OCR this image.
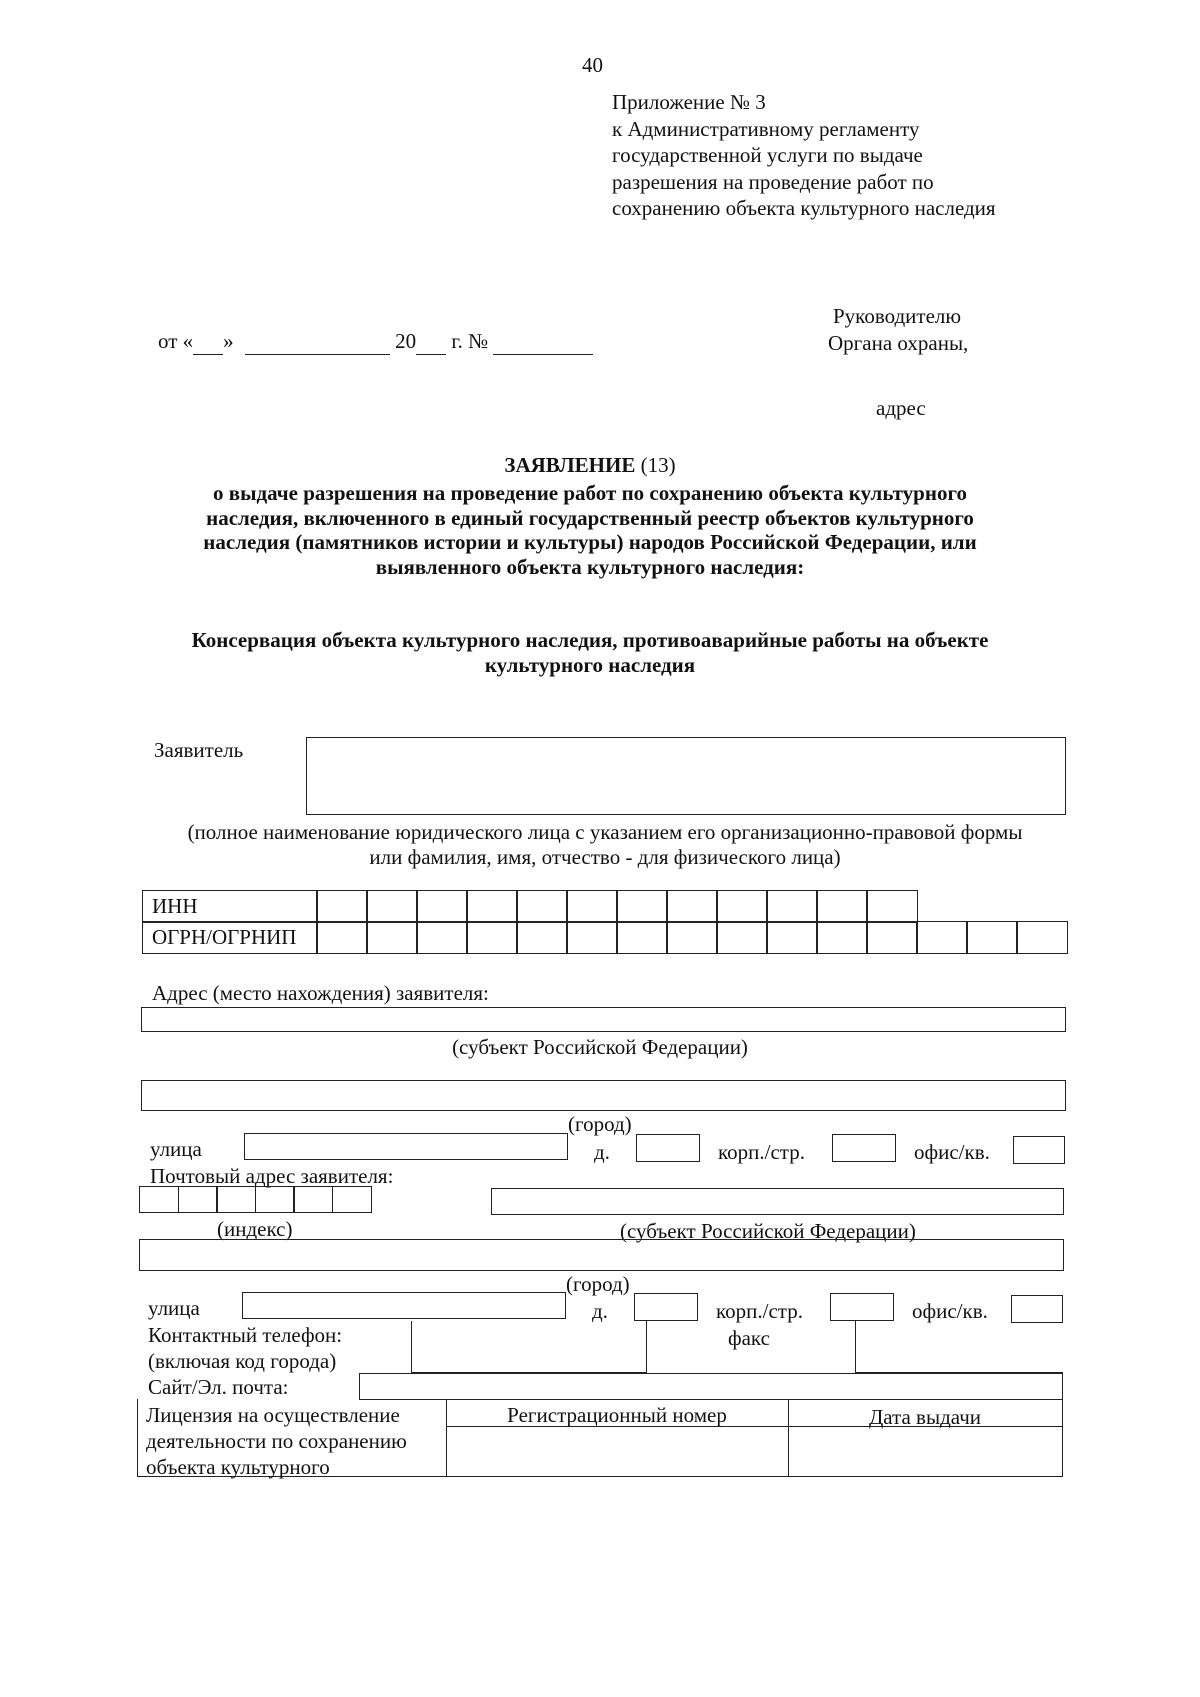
40
Приложение № 3
к Административному регламенту
государственной услуги по выдаче
разрешения на проведение работ по
сохранению объекта культурного наследия
Руководителю
Органа охраны,
адрес
от « »	20 г. №
ЗАЯВЛЕНИЕ (13)
о выдаче разрешения на проведение работ по сохранению объекта культурного
наследия, включенного в единый государственный реестр объектов культурного
наследия (памятников истории и культуры) народов Российской Федерации, или
выявленного объекта культурного наследия:
Консервация объекта культурного наследия, противоаварийные работы на объекте
культурного наследия
Заявитель
(полное наименование юридического лица с указанием его организационно-правовой формы
или фамилия, имя, отчество - для физического лица)
ИНН
ОГРН/ОГРНИП
Адрес (место нахождения) заявителя:
(субъект Российской Федерации)
(город)
улица	д.	корп./стр.	офис/кв.
Почтовый адрес заявителя:
(индекс)	(субъект Российской Федерации)
(город)
улица	д.	корп./стр.	офис/кв.
Контактный телефон:
(включая код города)
факс
Сайт/Эл. почта:
Лицензия на осуществление
деятельности по сохранению
объекта культурного
Регистрационный номер	Дата выдачи
